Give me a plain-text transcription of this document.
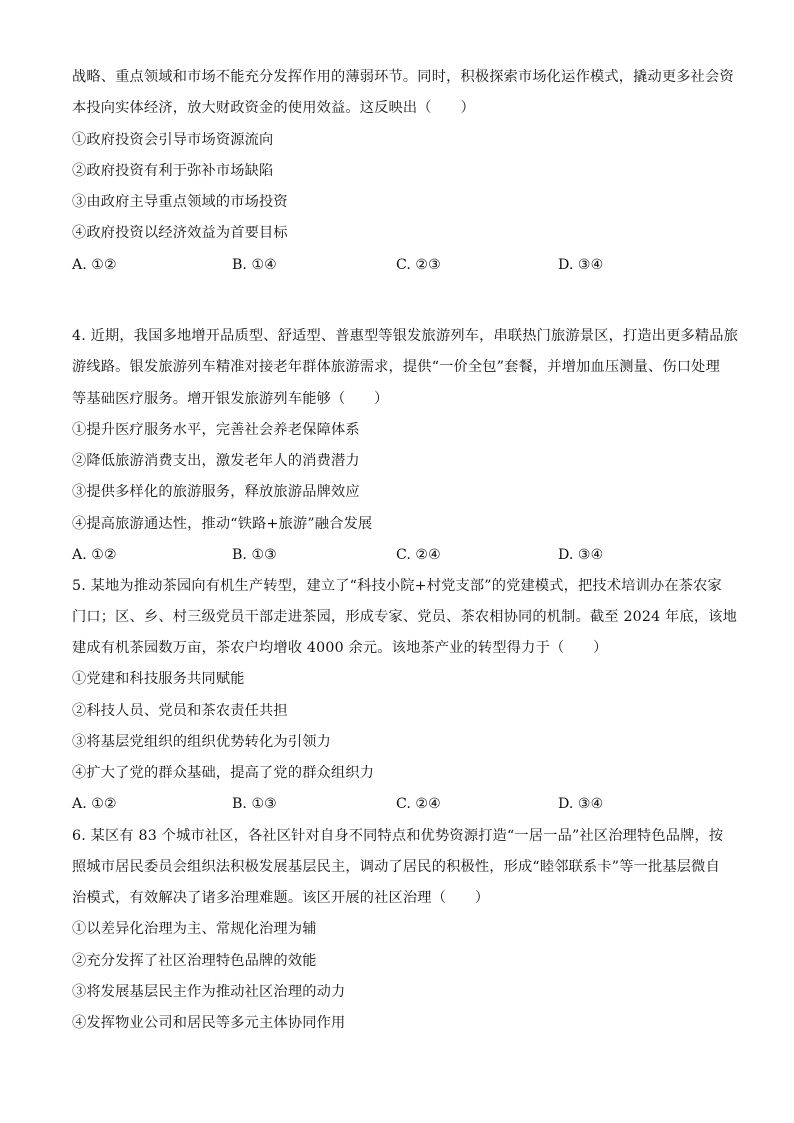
战略、重点领域和市场不能充分发挥作用的薄弱环节。同时，积极探索市场化运作模式，撬动更多社会资
本投向实体经济，放大财政资金的使用效益。这反映出（　　）
①政府投资会引导市场资源流向
②政府投资有利于弥补市场缺陷
③由政府主导重点领域的市场投资
④政府投资以经济效益为首要目标
A. ①②	B. ①④	C. ②③	D. ③④
4. 近期，我国多地增开品质型、舒适型、普惠型等银发旅游列车，串联热门旅游景区，打造出更多精品旅
游线路。银发旅游列车精准对接老年群体旅游需求，提供“一价全包”套餐，并增加血压测量、伤口处理
等基础医疗服务。增开银发旅游列车能够（　　）
①提升医疗服务水平，完善社会养老保障体系
②降低旅游消费支出，激发老年人的消费潜力
③提供多样化的旅游服务，释放旅游品牌效应
④提高旅游通达性，推动“铁路+旅游”融合发展
A. ①②	B. ①③	C. ②④	D. ③④
5. 某地为推动茶园向有机生产转型，建立了“科技小院+村党支部”的党建模式，把技术培训办在茶农家
门口；区、乡、村三级党员干部走进茶园，形成专家、党员、茶农相协同的机制。截至 2024 年底，该地
建成有机茶园数万亩，茶农户均增收 4000 余元。该地茶产业的转型得力于（　　）
①党建和科技服务共同赋能
②科技人员、党员和茶农责任共担
③将基层党组织的组织优势转化为引领力
④扩大了党的群众基础，提高了党的群众组织力
A. ①②	B. ①③	C. ②④	D. ③④
6. 某区有 83 个城市社区，各社区针对自身不同特点和优势资源打造“一居一品”社区治理特色品牌，按
照城市居民委员会组织法积极发展基层民主，调动了居民的积极性，形成“睦邻联系卡”等一批基层微自
治模式，有效解决了诸多治理难题。该区开展的社区治理（　　）
①以差异化治理为主、常规化治理为辅
②充分发挥了社区治理特色品牌的效能
③将发展基层民主作为推动社区治理的动力
④发挥物业公司和居民等多元主体协同作用
